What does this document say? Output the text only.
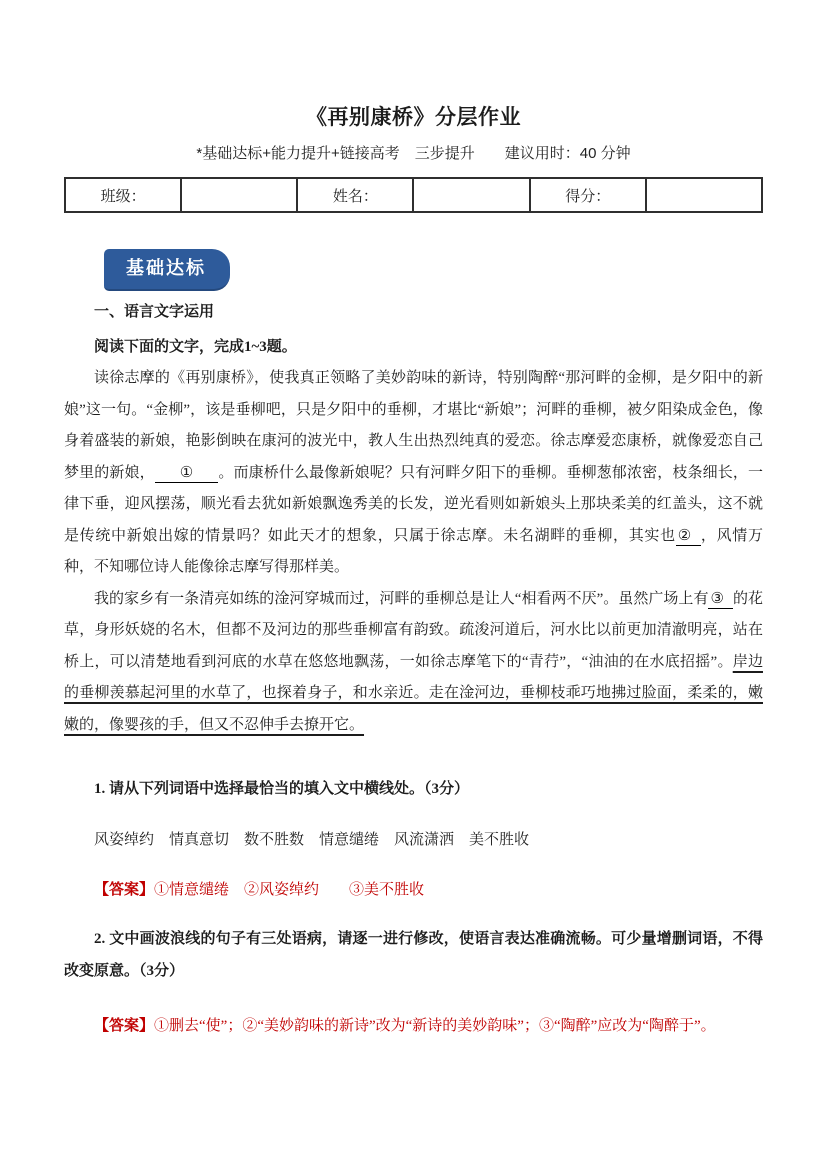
《再别康桥》分层作业
*基础达标+能力提升+链接高考　三步提升　　建议用时：40 分钟
班级：		姓名：		得分：	
基础达标

一、语言文字运用

阅读下面的文字，完成1~3题。

读徐志摩的《再别康桥》，使我真正领略了美妙韵味的新诗，特别陶醉“那河畔的金柳，是夕阳中的新娘”这一句。“金柳”，该是垂柳吧，只是夕阳中的垂柳，才堪比“新娘”；河畔的垂柳，被夕阳染成金色，像身着盛装的新娘，艳影倒映在康河的波光中，教人生出热烈纯真的爱恋。徐志摩爱恋康桥，就像爱恋自己梦里的新娘， ① 。而康桥什么最像新娘呢？只有河畔夕阳下的垂柳。垂柳葱郁浓密，枝条细长，一律下垂，迎风摆荡，顺光看去犹如新娘飘逸秀美的长发，逆光看则如新娘头上那块柔美的红盖头，这不就是传统中新娘出嫁的情景吗？如此天才的想象，只属于徐志摩。未名湖畔的垂柳，其实也 ② ，风情万种，不知哪位诗人能像徐志摩写得那样美。

我的家乡有一条清亮如练的淦河穿城而过，河畔的垂柳总是让人“相看两不厌”。虽然广场上有 ③ 的花草，身形妖娆的名木，但都不及河边的那些垂柳富有韵致。疏浚河道后，河水比以前更加清澈明亮，站在桥上，可以清楚地看到河底的水草在悠悠地飘荡，一如徐志摩笔下的“青荇”，“油油的在水底招摇”。岸边的垂柳羡慕起河里的水草了，也探着身子，和水亲近。走在淦河边，垂柳枝乖巧地拂过脸面，柔柔的，嫩嫩的，像婴孩的手，但又不忍伸手去撩开它。

1. 请从下列词语中选择最恰当的填入文中横线处。（3分）

风姿绰约　情真意切　数不胜数　情意缱绻　风流潇洒　美不胜收

【答案】①情意缱绻　②风姿绰约　　③美不胜收

2. 文中画波浪线的句子有三处语病，请逐一进行修改，使语言表达准确流畅。可少量增删词语，不得改变原意。（3分）

【答案】①删去“使”；②“美妙韵味的新诗”改为“新诗的美妙韵味”；③“陶醉”应改为“陶醉于”。
